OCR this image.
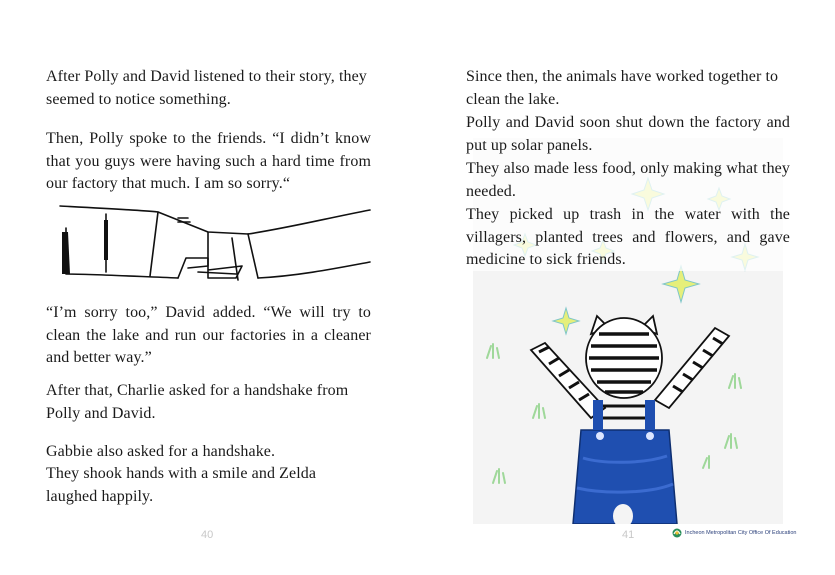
After Polly and David listened to their story, they seemed to notice something.

Then, Polly spoke to the friends. “I didn’t know that you guys were having such a hard time from our factory that much. I am so sorry.“

“I’m sorry too,” David added. “We will try to clean the lake and run our factories in a cleaner and better way.”

After that, Charlie asked for a handshake from Polly and David.

Gabbie also asked for a handshake.

They shook hands with a smile and Zelda laughed happily.

40

Since then, the animals have worked together to clean the lake.

Polly and David soon shut down the factory and put up solar panels.

They also made less food, only making what they needed.

They picked up trash in the water with the villagers, planted trees and flowers, and gave medicine to sick friends.

41	Incheon Metropolitan City Office Of Education
